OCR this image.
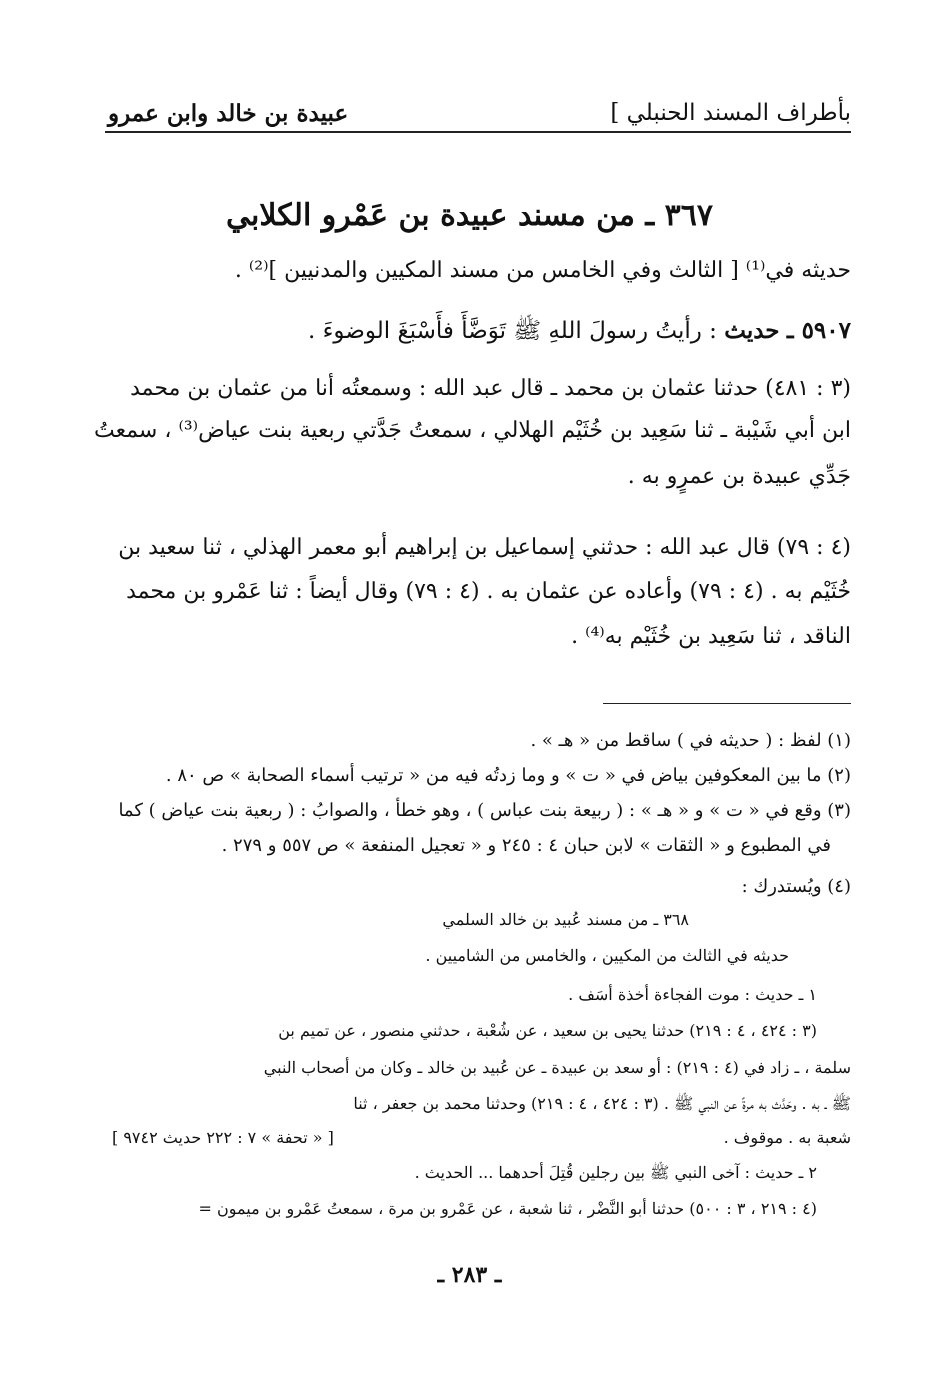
بأطراف المسند الحنبلي ]
عبيدة بن خالد وابن عمرو
٣٦٧ ـ من مسند عبيدة بن عَمْرو الكلابي
حديثه في⁽¹⁾ [ الثالث وفي الخامس من مسند المكيين والمدنيين ]⁽²⁾ .
٥٩٠٧ ـ حديث : رأيتُ رسولَ اللهِ ﷺ تَوَضَّأَ فأَسْبَغَ الوضوءَ .
(٣ : ٤٨١) حدثنا عثمان بن محمد ـ قال عبد الله : وسمعتُه أنا من عثمان بن محمد
ابن أبي شَيْبة ـ ثنا سَعِيد بن خُثَيْم الهلالي ، سمعتُ جَدَّتي ربعية بنت عياض⁽³⁾ ، سمعتُ
جَدِّي عبيدة بن عمرٍو به .
(٤ : ٧٩) قال عبد الله : حدثني إسماعيل بن إبراهيم أبو معمر الهذلي ، ثنا سعيد بن
خُثَيْم به . (٤ : ٧٩) وأعاده عن عثمان به . (٤ : ٧٩) وقال أيضاً : ثنا عَمْرو بن محمد
الناقد ، ثنا سَعِيد بن خُثَيْم به⁽⁴⁾ .
(١) لفظ : ( حديثه في ) ساقط من « هـ » .
(٢) ما بين المعكوفين بياض في « ت » و وما زدتُه فيه من « ترتيب أسماء الصحابة » ص ٨٠ .
(٣) وقع في « ت » و « هـ » : ( ربيعة بنت عباس ) ، وهو خطأ ، والصوابُ : ( ربعية بنت عياض ) كما
في المطبوع و « الثقات » لابن حبان ٤ : ٢٤٥ و « تعجيل المنفعة » ص ٥٥٧ و ٢٧٩ .
(٤) ويُستدرك :
٣٦٨ ـ من مسند عُبيد بن خالد السلمي
حديثه في الثالث من المكيين ، والخامس من الشاميين .
١ ـ حديث : موت الفجاءة أخذة أسَف .
(٣ : ٤٢٤ ، ٤ : ٢١٩) حدثنا يحيى بن سعيد ، عن شُعْبة ، حدثني منصور ، عن تميم بن
سلمة ، ـ زاد في (٤ : ٢١٩) : أو سعد بن عبيدة ـ عن عُبيد بن خالد ـ وكان من أصحاب النبي
ﷺ ـ به . وحَدَّث به مرةً عن النبي ﷺ . (٣ : ٤٢٤ ، ٤ : ٢١٩) وحدثنا محمد بن جعفر ، ثنا
شعبة به . موقوف .
[ « تحفة » ٧ : ٢٢٢ حديث ٩٧٤٢ ]
٢ ـ حديث : آخى النبي ﷺ بين رجلين قُتِلَ أحدهما ... الحديث .
(٤ : ٢١٩ ، ٣ : ٥٠٠) حدثنا أبو النَّضْر ، ثنا شعبة ، عن عَمْرو بن مرة ، سمعتُ عَمْرو بن ميمون =
ـ ٢٨٣ ـ
